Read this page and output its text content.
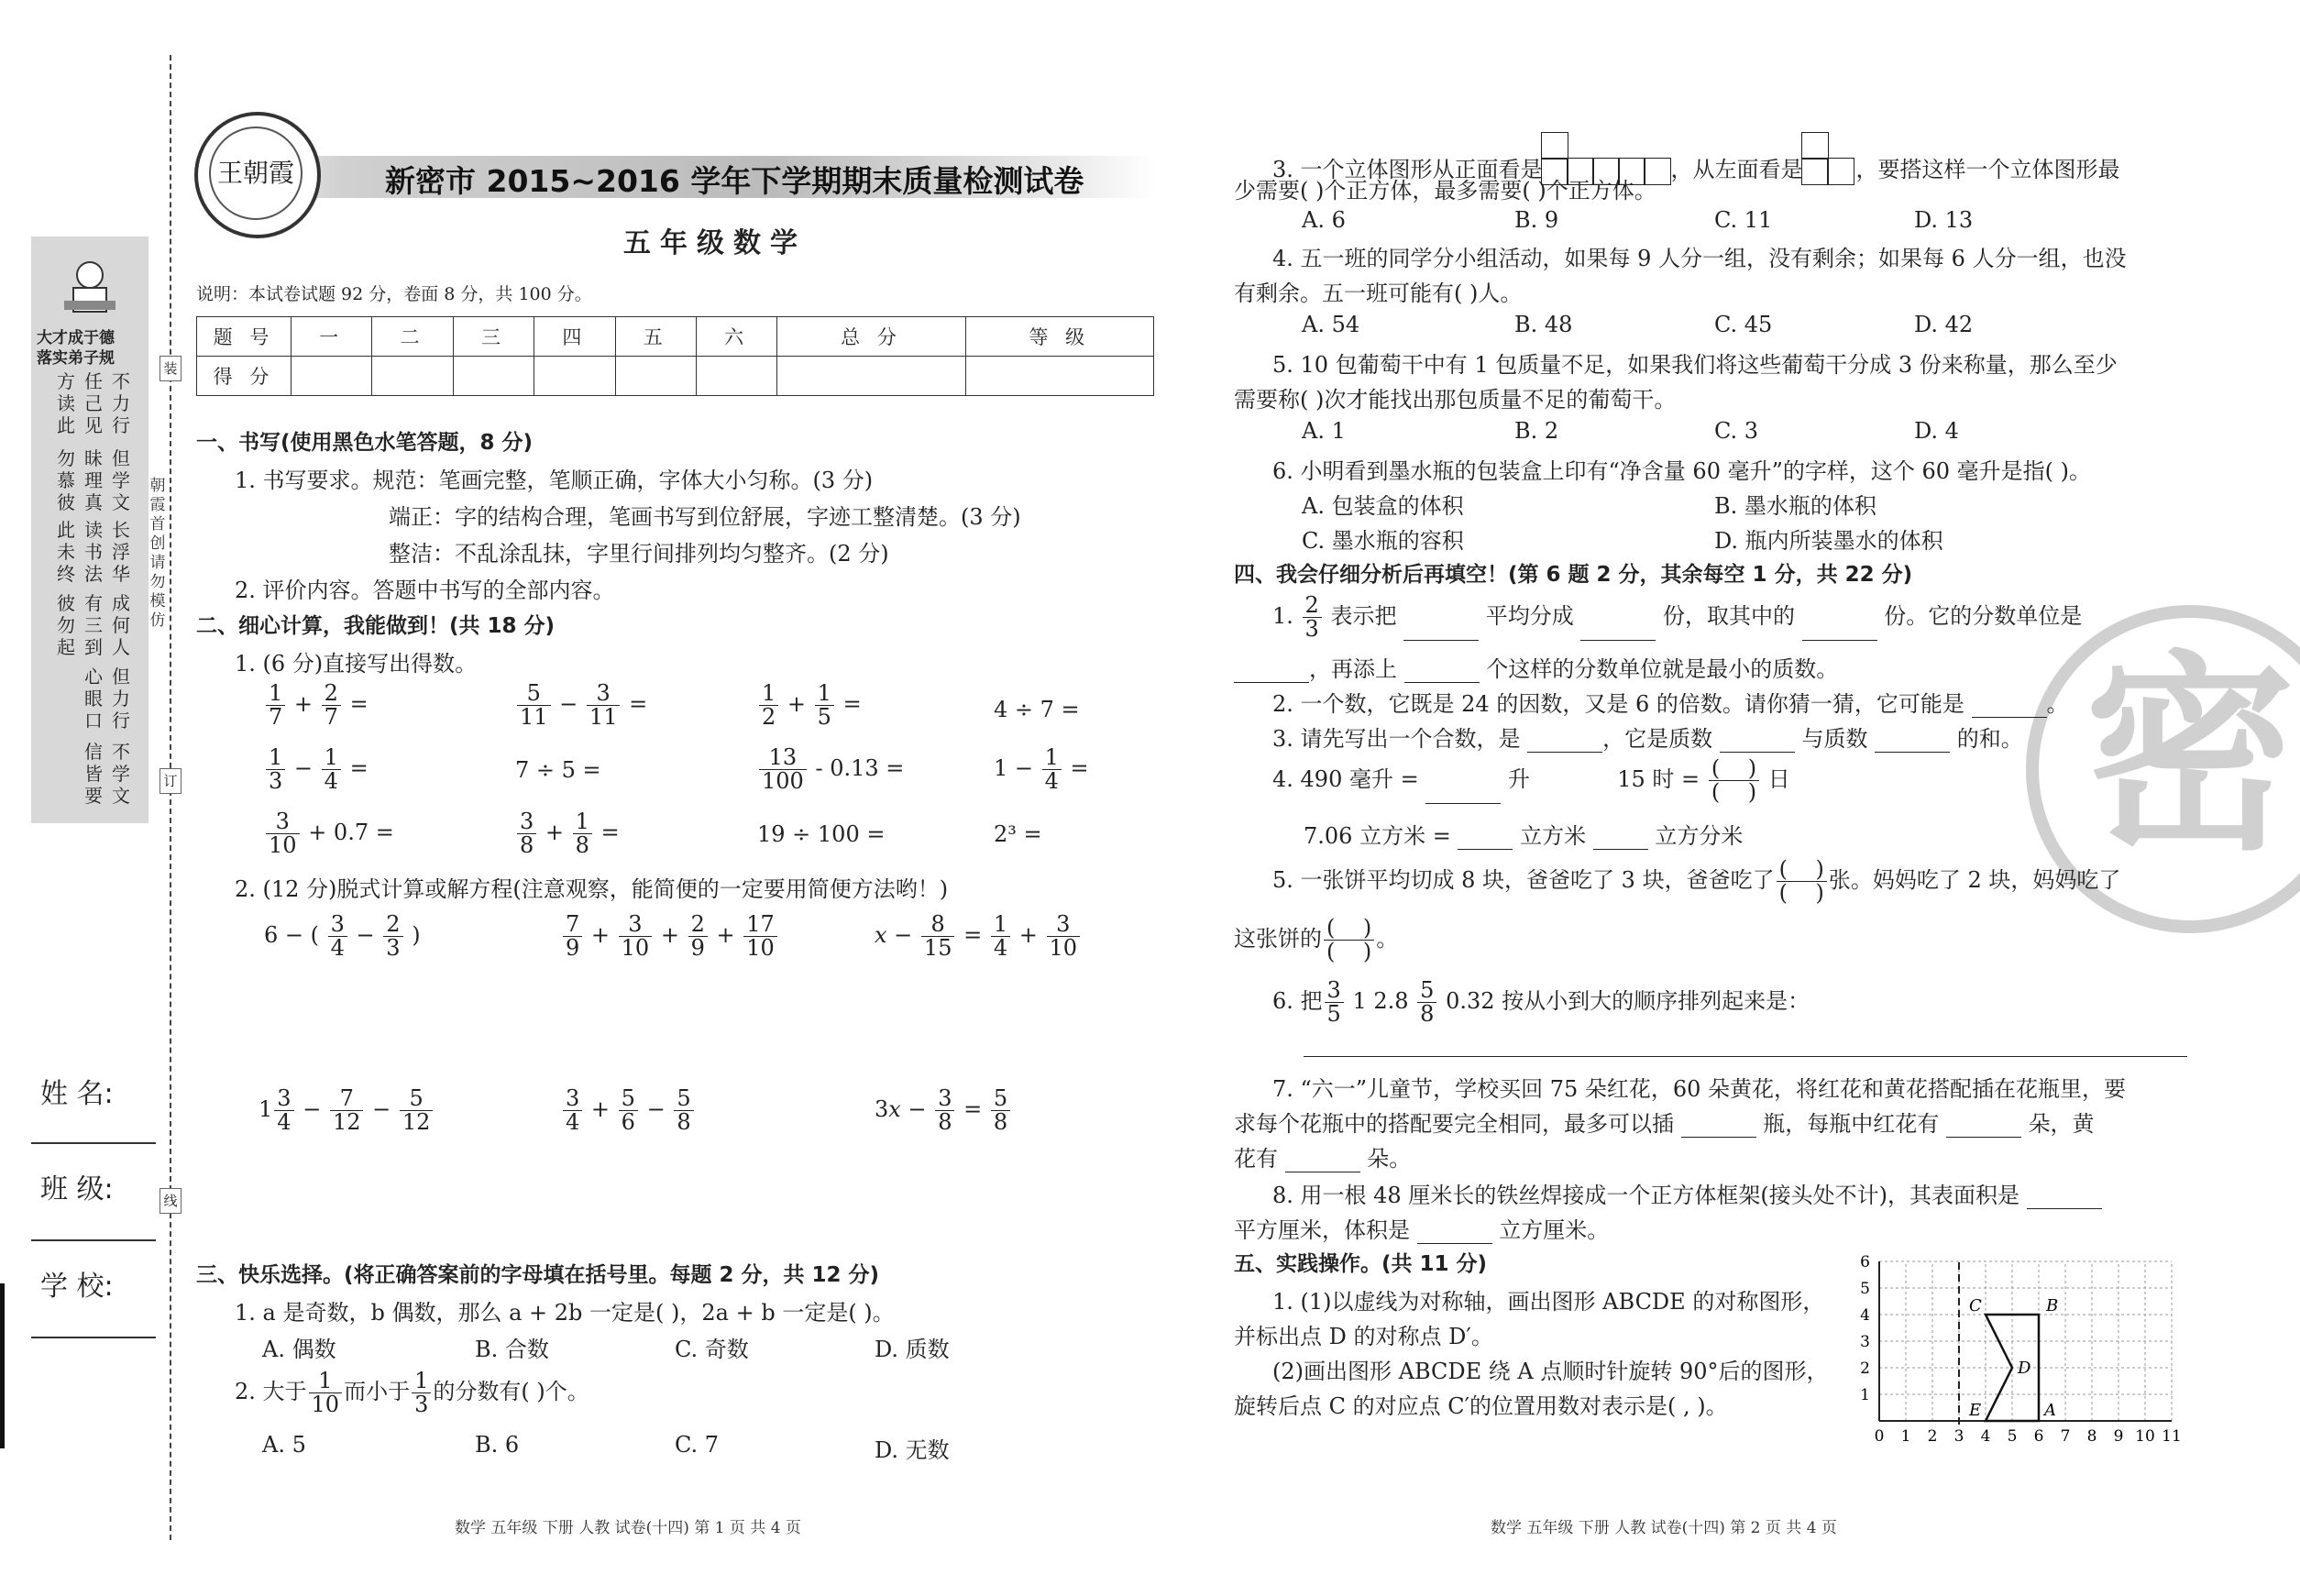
大才成于德
落实弟子规
不力行
但学文
长浮华
成何人
但力行
不学文
方读此
勿慕彼
此未终
彼勿起
任己见
昧理真
读书法
有三到
心眼口
信皆要
姓 名:
班 级:
学 校:
朝霞首创 请勿模仿
装
订
线
王朝霞	新密市 2015~2016 学年下学期期末质量检测试卷
五年级数学
说明：本试卷试题 92 分，卷面 8 分，共 100 分。
题 号	一	二	三	四	五	六	总 分	等 级
得 分								
一、书写(使用黑色水笔答题，8 分)
1. 书写要求。规范：笔画完整，笔顺正确，字体大小匀称。(3 分)
端正：字的结构合理，笔画书写到位舒展，字迹工整清楚。(3 分)
整洁：不乱涂乱抹，字里行间排列均匀整齐。(2 分)
2. 评价内容。答题中书写的全部内容。
二、细心计算，我能做到！(共 18 分)
1. (6 分)直接写出得数。
$\frac{1}{7} + \frac{2}{7}$ =	$\frac{5}{11} - \frac{3}{11}$ =	$\frac{1}{2} + \frac{1}{5}$ =	4 ÷ 7 =
$\frac{1}{3} - \frac{1}{4}$ =	7 ÷ 5 =	$\frac{13}{100} - 0.13$ =	$1 - \frac{1}{4}$ =
$\frac{3}{10} + 0.7$ =	$\frac{3}{8} + \frac{1}{8}$ =	19 ÷ 100 =	2³ =
2. (12 分)脱式计算或解方程(注意观察，能简便的一定要用简便方法哟！)
6 − ( $\frac{3}{4} - \frac{2}{3}$ )	$\frac{7}{9} + \frac{3}{10} + \frac{2}{9} + \frac{17}{10}$	$x - \frac{8}{15} = \frac{1}{4} + \frac{3}{10}$
$1 \frac{3}{4} - \frac{7}{12} - \frac{5}{12}$	$\frac{3}{4} + \frac{5}{6} - \frac{5}{8}$	$3x - \frac{3}{8} = \frac{5}{8}$
三、快乐选择。(将正确答案前的字母填在括号里。每题 2 分，共 12 分)
1. a 是奇数，b 偶数，那么 a + 2b 一定是( )，2a + b 一定是( )。
A. 偶数	B. 合数	C. 奇数	D. 质数
2. 大于 $\frac{1}{10}$ 而小于 $\frac{1}{3}$ 的分数有( )个。
A. 5	B. 6	C. 7	D. 无数
数学 五年级 下册 人教 试卷(十四) 第 1 页 共 4 页
密
3. 一个立体图形从正面看是	，从左面看是 ，要搭这样一个立体图形最
少需要( )个正方体，最多需要( )个正方体。
A. 6	B. 9	C. 11	D. 13
4. 五一班的同学分小组活动，如果每 9 人分一组，没有剩余；如果每 6 人分一组，也没
有剩余。五一班可能有( )人。
A. 54	B. 48	C. 45	D. 42
5. 10 包葡萄干中有 1 包质量不足，如果我们将这些葡萄干分成 3 份来称量，那么至少
需要称( )次才能找出那包质量不足的葡萄干。
A. 1	B. 2	C. 3	D. 4
6. 小明看到墨水瓶的包装盒上印有“净含量 60 毫升”的字样，这个 60 毫升是指( )。
A. 包装盒的体积	B. 墨水瓶的体积
C. 墨水瓶的容积	D. 瓶内所装墨水的体积
四、我会仔细分析后再填空！(第 6 题 2 分，其余每空 1 分，共 22 分)
1. $\frac{2}{3}$ 表示把	平均分成	份，取其中的	份。它的分数单位是
，再添上	个这样的分数单位就是最小的质数。
2. 一个数，它既是 24 的因数，又是 6 的倍数。请你猜一猜，它可能是	。
3. 请先写出一个合数，是	，它是质数	与质数	的和。
4. 490 毫升 =	升	15 时 = $\frac{( )}{( )}$ 日
7.06 立方米 =	立方米	立方分米
5. 一张饼平均切成 8 块，爸爸吃了 3 块，爸爸吃了 $\frac{( )}{( )}$ 张。妈妈吃了 2 块，妈妈吃了
这张饼的 $\frac{( )}{( )}$ 。
6. 把 $\frac{3}{5} 1$ $2.8 \frac{5}{8} 0.32$ 按从小到大的顺序排列起来是：
7. “六一”儿童节，学校买回 75 朵红花，60 朵黄花，将红花和黄花搭配插在花瓶里，要
求每个花瓶中的搭配要完全相同，最多可以插	瓶，每瓶中红花有	朵，黄
花有	朵。
8. 用一根 48 厘米长的铁丝焊接成一个正方体框架(接头处不计)，其表面积是
平方厘米，体积是	立方厘米。
五、实践操作。(共 11 分)
1. (1)以虚线为对称轴，画出图形 ABCDE 的对称图形，
并标出点 D 的对称点 D′。
(2)画出图形 ABCDE 绕 A 点顺时针旋转 90°后的图形，
旋转后点 C 的对应点 C′的位置用数对表示是( , )。
0 1 2 3 4 5 6 7 8 9 10 11
1
2
3
4
5
6
A
B
C
D
E
数学 五年级 下册 人教 试卷(十四) 第 2 页 共 4 页
